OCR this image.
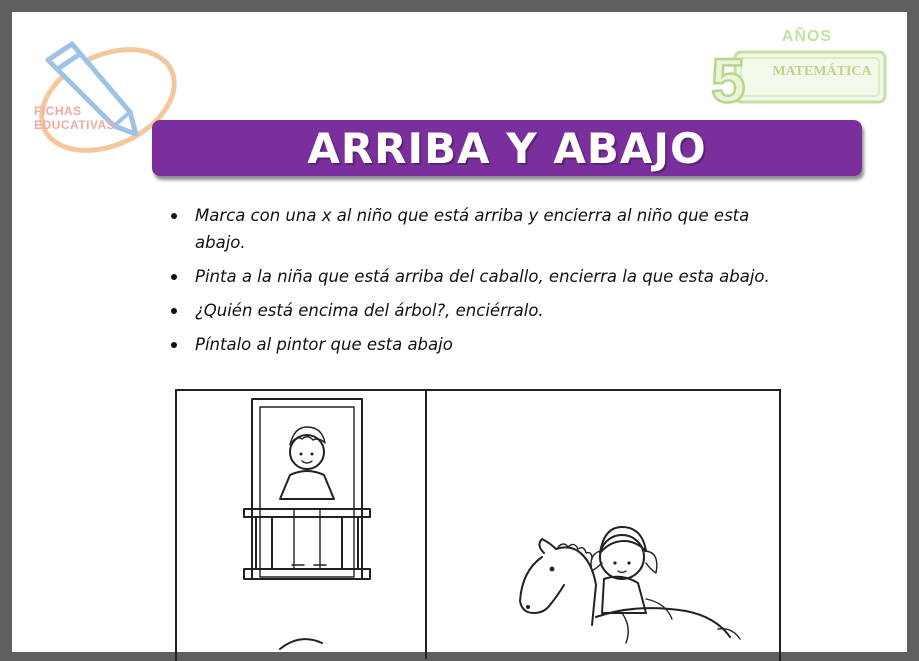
FICHAS
EDUCATIVAS
5
AÑOS
MATEMÁTICA
ARRIBA Y ABAJO
Marca con una x al niño que está arriba y encierra al niño que esta abajo.
Pinta a la niña que está arriba del caballo, encierra la que esta abajo.
¿Quién está encima del árbol?, enciérralo.
Píntalo al pintor que esta abajo
